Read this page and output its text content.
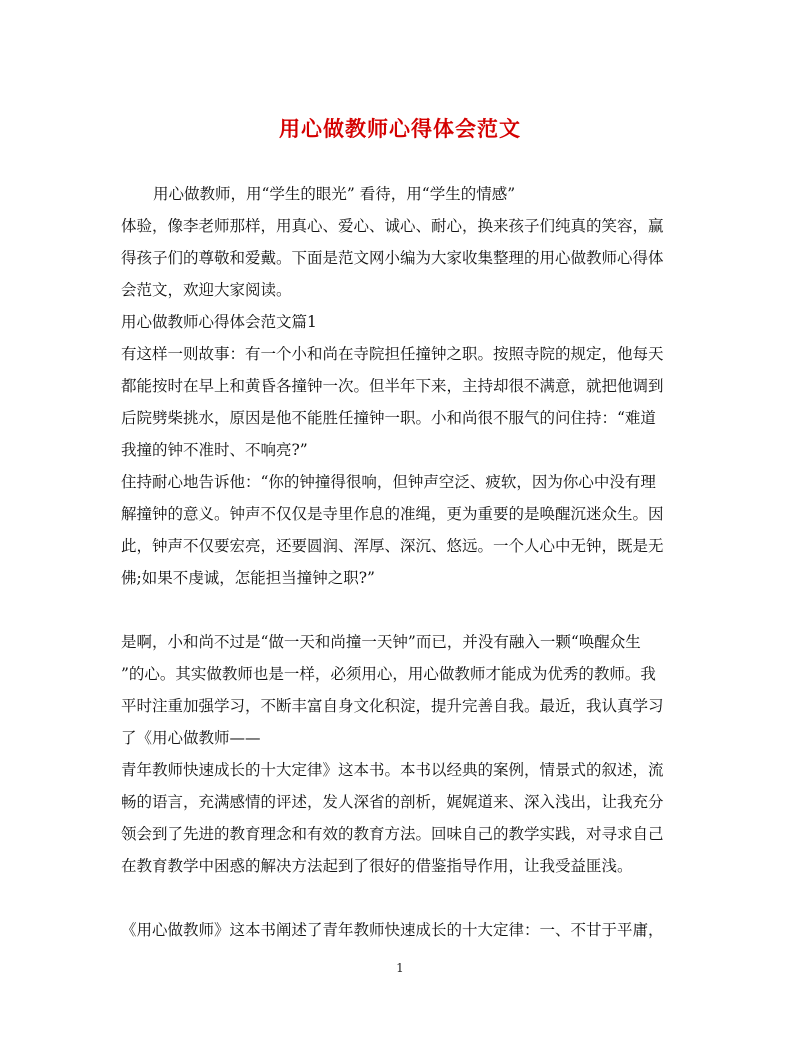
用心做教师心得体会范文
用心做教师，用“学生的眼光” 看待，用“学生的情感”
体验，像李老师那样，用真心、爱心、诚心、耐心，换来孩子们纯真的笑容，赢
得孩子们的尊敬和爱戴。下面是范文网小编为大家收集整理的用心做教师心得体
会范文，欢迎大家阅读。
用心做教师心得体会范文篇1
有这样一则故事：有一个小和尚在寺院担任撞钟之职。按照寺院的规定，他每天
都能按时在早上和黄昏各撞钟一次。但半年下来，主持却很不满意，就把他调到
后院劈柴挑水，原因是他不能胜任撞钟一职。小和尚很不服气的问住持：“难道
我撞的钟不准时、不响亮?”
住持耐心地告诉他：“你的钟撞得很响，但钟声空泛、疲软，因为你心中没有理
解撞钟的意义。钟声不仅仅是寺里作息的准绳，更为重要的是唤醒沉迷众生。因
此，钟声不仅要宏亮，还要圆润、浑厚、深沉、悠远。一个人心中无钟，既是无
佛;如果不虔诚，怎能担当撞钟之职?”
是啊，小和尚不过是“做一天和尚撞一天钟”而已，并没有融入一颗“唤醒众生
”的心。其实做教师也是一样，必须用心，用心做教师才能成为优秀的教师。我
平时注重加强学习，不断丰富自身文化积淀，提升完善自我。最近，我认真学习
了《用心做教师——
青年教师快速成长的十大定律》这本书。本书以经典的案例，情景式的叙述，流
畅的语言，充满感情的评述，发人深省的剖析，娓娓道来、深入浅出，让我充分
领会到了先进的教育理念和有效的教育方法。回味自己的教学实践，对寻求自己
在教育教学中困惑的解决方法起到了很好的借鉴指导作用，让我受益匪浅。
《用心做教师》这本书阐述了青年教师快速成长的十大定律：一、不甘于平庸，
1
